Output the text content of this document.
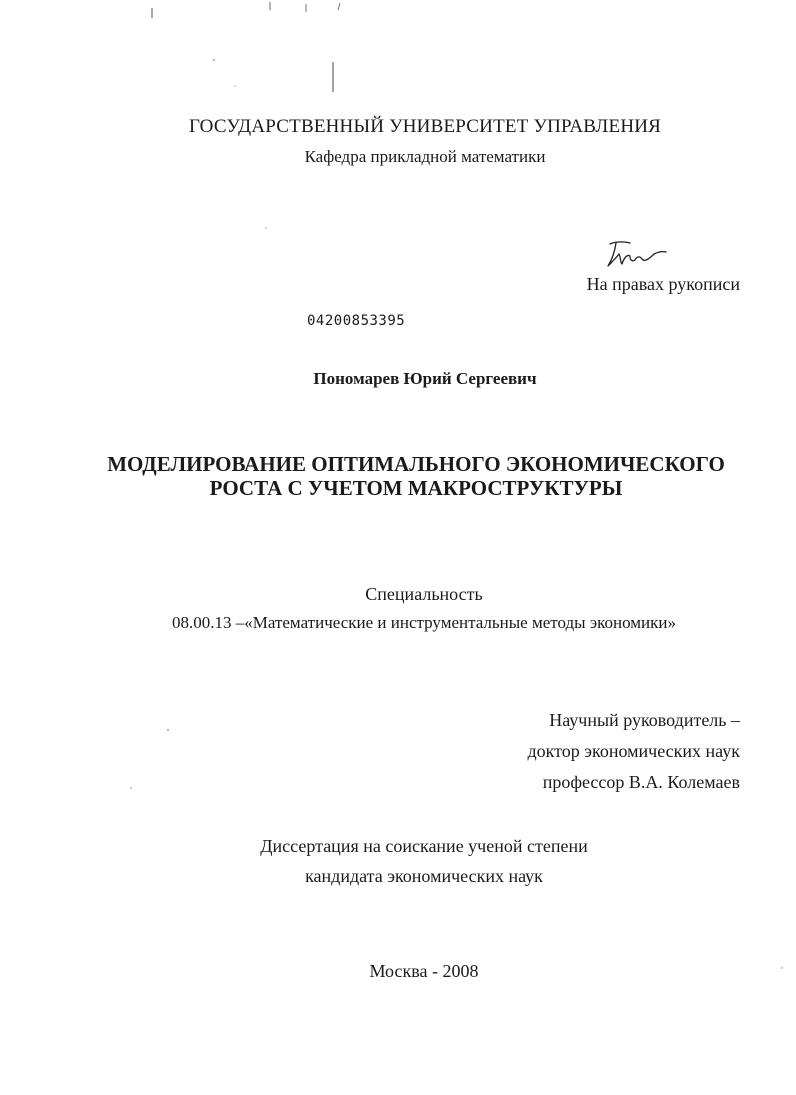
ГОСУДАРСТВЕННЫЙ УНИВЕРСИТЕТ УПРАВЛЕНИЯ
Кафедра прикладной математики
На правах рукописи
04200853395
Пономарев Юрий Сергеевич
МОДЕЛИРОВАНИЕ ОПТИМАЛЬНОГО ЭКОНОМИЧЕСКОГО
РОСТА С УЧЕТОМ МАКРОСТРУКТУРЫ
Специальность
08.00.13 –«Математические и инструментальные методы экономики»
Научный руководитель –
доктор экономических наук
профессор В.А. Колемаев
Диссертация на соискание ученой степени
кандидата экономических наук
Москва - 2008
